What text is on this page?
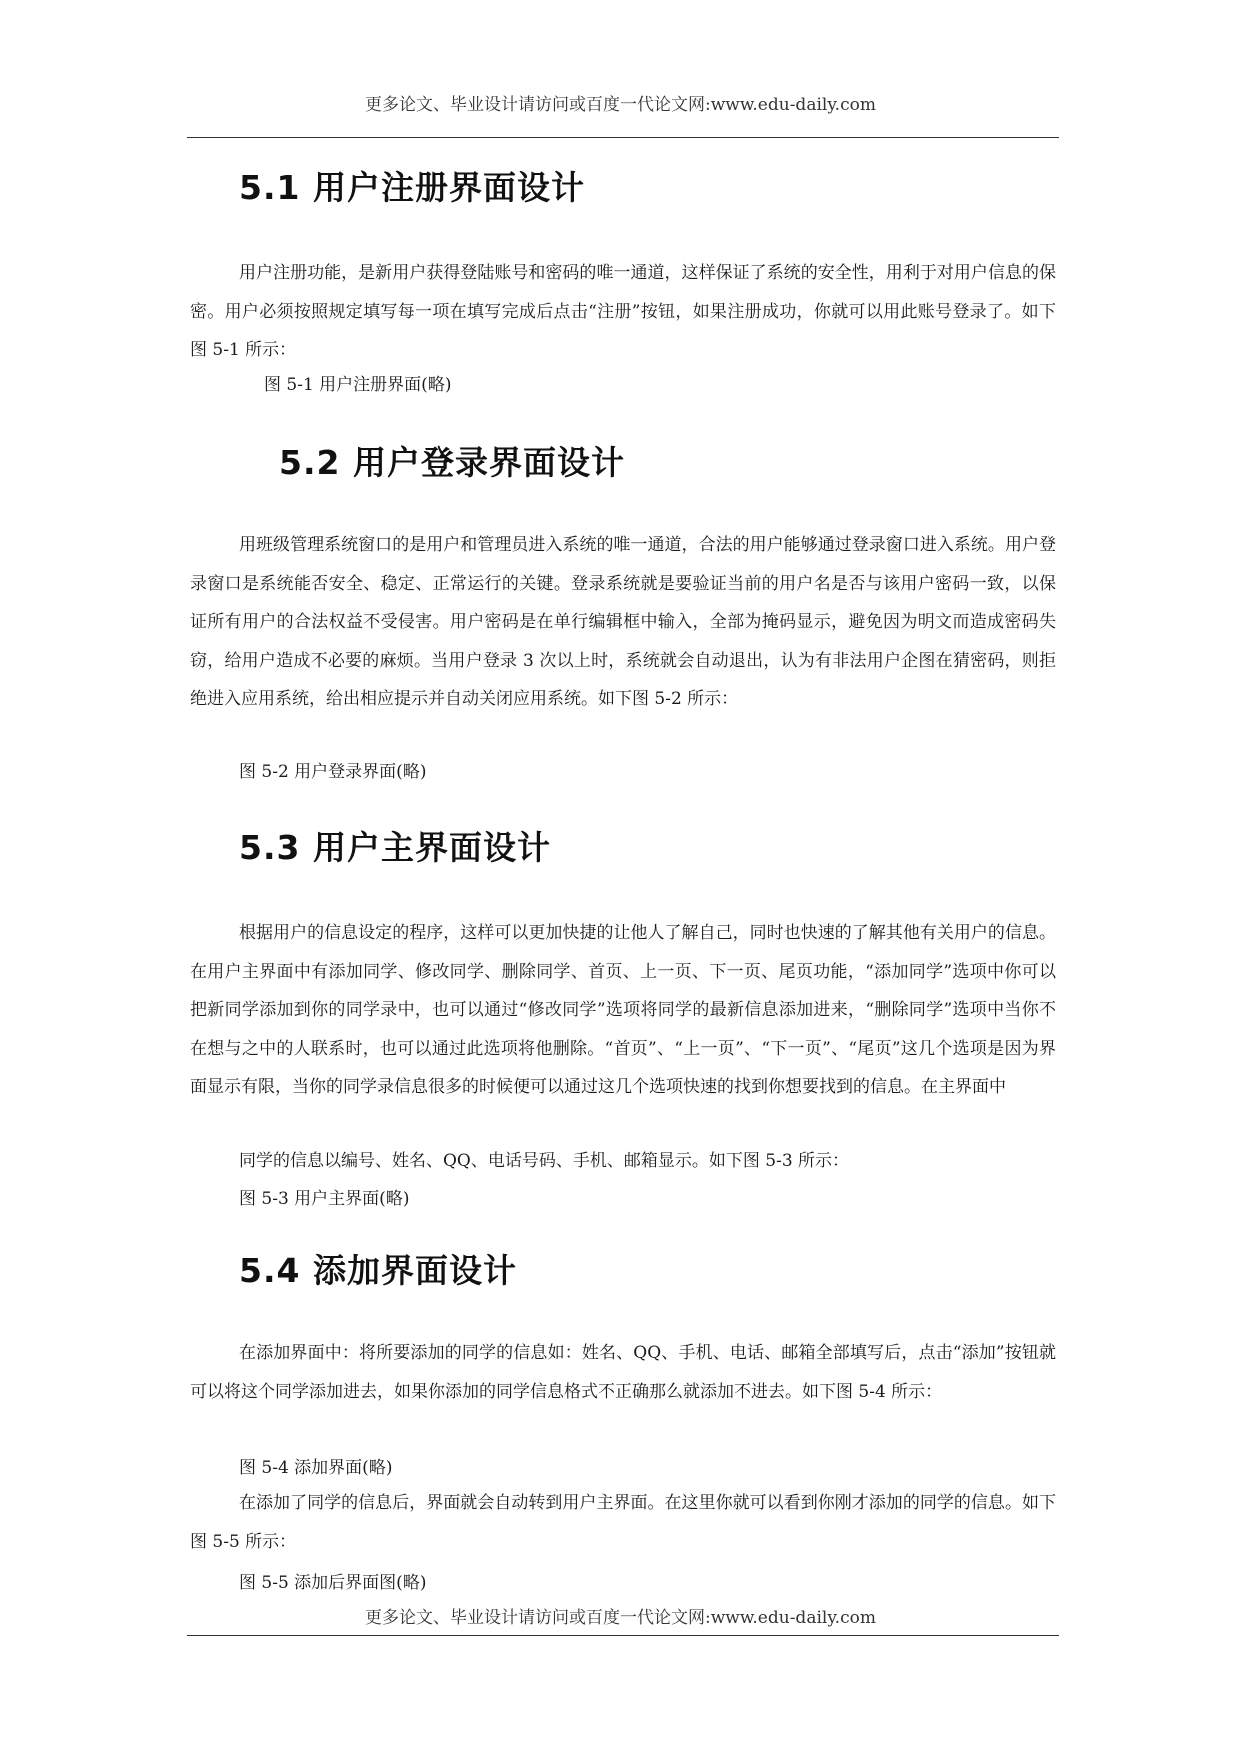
更多论文、毕业设计请访问或百度一代论文网:www.edu-daily.com
5.1 用户注册界面设计

用户注册功能，是新用户获得登陆账号和密码的唯一通道，这样保证了系统的安全性，用利于对用户信息的保密。用户必须按照规定填写每一项在填写完成后点击“注册”按钮，如果注册成功，你就可以用此账号登录了。如下图 5-1 所示：

图 5-1 用户注册界面(略)
5.2 用户登录界面设计

用班级管理系统窗口的是用户和管理员进入系统的唯一通道，合法的用户能够通过登录窗口进入系统。用户登录窗口是系统能否安全、稳定、正常运行的关键。登录系统就是要验证当前的用户名是否与该用户密码一致，以保证所有用户的合法权益不受侵害。用户密码是在单行编辑框中输入，全部为掩码显示，避免因为明文而造成密码失窃，给用户造成不必要的麻烦。当用户登录 3 次以上时，系统就会自动退出，认为有非法用户企图在猜密码，则拒绝进入应用系统，给出相应提示并自动关闭应用系统。如下图 5-2 所示：

图 5-2 用户登录界面(略)
5.3 用户主界面设计

根据用户的信息设定的程序，这样可以更加快捷的让他人了解自己，同时也快速的了解其他有关用户的信息。在用户主界面中有添加同学、修改同学、删除同学、首页、上一页、下一页、尾页功能，“添加同学”选项中你可以把新同学添加到你的同学录中，也可以通过“修改同学”选项将同学的最新信息添加进来，“删除同学”选项中当你不在想与之中的人联系时，也可以通过此选项将他删除。“首页”、“上一页”、“下一页”、“尾页”这几个选项是因为界面显示有限，当你的同学录信息很多的时候便可以通过这几个选项快速的找到你想要找到的信息。在主界面中

同学的信息以编号、姓名、QQ、电话号码、手机、邮箱显示。如下图 5-3 所示：
图 5-3 用户主界面(略)
5.4 添加界面设计

在添加界面中：将所要添加的同学的信息如：姓名、QQ、手机、电话、邮箱全部填写后，点击“添加”按钮就可以将这个同学添加进去，如果你添加的同学信息格式不正确那么就添加不进去。如下图 5-4 所示：

图 5-4 添加界面(略)

在添加了同学的信息后，界面就会自动转到用户主界面。在这里你就可以看到你刚才添加的同学的信息。如下图 5-5 所示：

图 5-5 添加后界面图(略)
更多论文、毕业设计请访问或百度一代论文网:www.edu-daily.com
